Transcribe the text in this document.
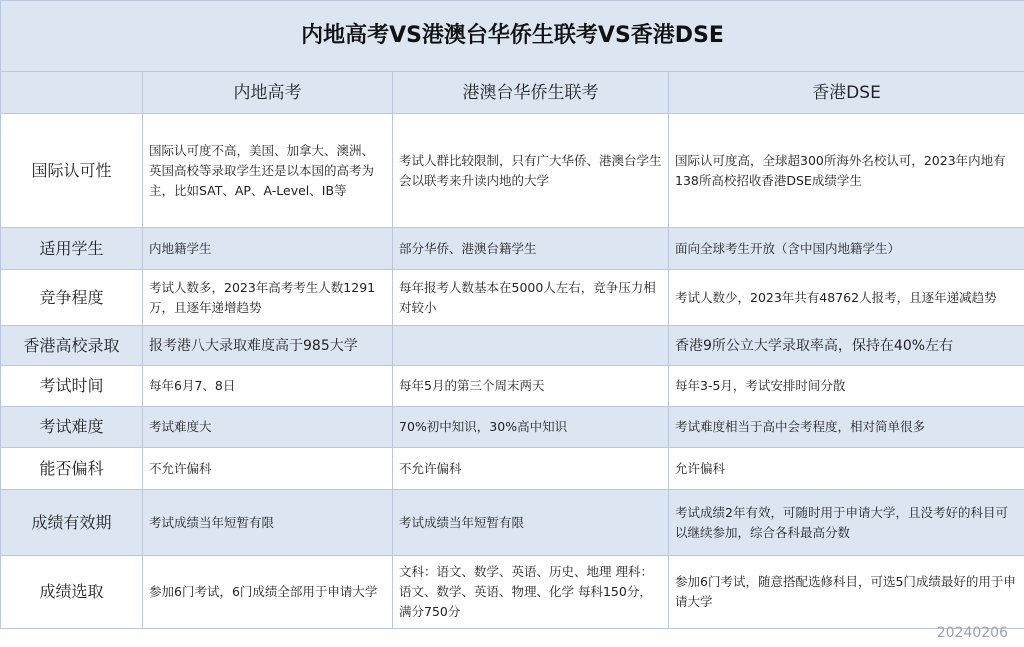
内地高考VS港澳台华侨生联考VS香港DSE			
	内地高考	港澳台华侨生联考	香港DSE
国际认可性	国际认可度不高，美国、加拿大、澳洲、英国高校等录取学生还是以本国的高考为主，比如SAT、AP、A-Level、IB等	考试人群比较限制，只有广大华侨、港澳台学生会以联考来升读内地的大学	国际认可度高，全球超300所海外名校认可，2023年内地有138所高校招收香港DSE成绩学生
适用学生	内地籍学生	部分华侨、港澳台籍学生	面向全球考生开放（含中国内地籍学生）
竞争程度	考试人数多，2023年高考考生人数1291万，且逐年递增趋势	每年报考人数基本在5000人左右，竞争压力相对较小	考试人数少，2023年共有48762人报考，且逐年递减趋势
香港高校录取	报考港八大录取难度高于985大学		香港9所公立大学录取率高，保持在40%左右
考试时间	每年6月7、8日	每年5月的第三个周末两天	每年3-5月，考试安排时间分散
考试难度	考试难度大	70%初中知识，30%高中知识	考试难度相当于高中会考程度，相对简单很多
能否偏科	不允许偏科	不允许偏科	允许偏科
成绩有效期	考试成绩当年短暂有限	考试成绩当年短暂有限	考试成绩2年有效，可随时用于申请大学，且没考好的科目可以继续参加，综合各科最高分数
成绩选取	参加6门考试，6门成绩全部用于申请大学	文科：语文、数学、英语、历史、地理 理科：语文、数学、英语、物理、化学 每科150分，满分750分	参加6门考试，随意搭配选修科目，可选5门成绩最好的用于申请大学
20240206
